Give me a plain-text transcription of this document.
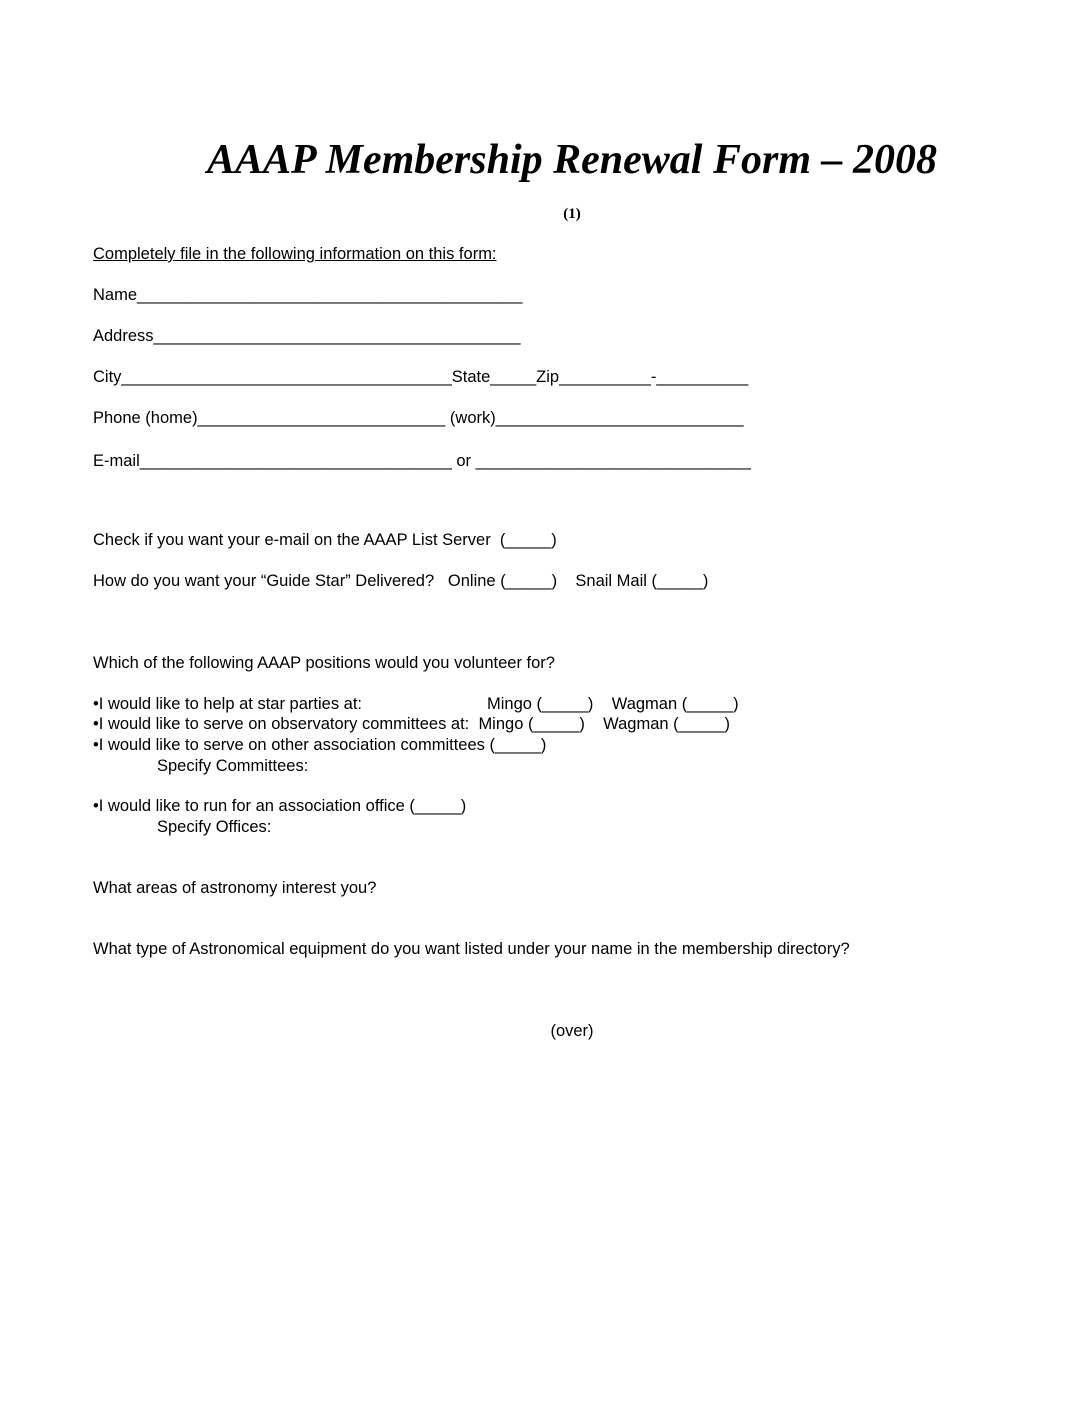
AAAP Membership Renewal Form – 2008
(1)
Completely file in the following information on this form:
Name__________________________________________
Address________________________________________
City____________________________________State_____Zip__________-__________
Phone (home)___________________________ (work)___________________________
E-mail__________________________________ or ______________________________
Check if you want your e-mail on the AAAP List Server  (_____)
How do you want your “Guide Star” Delivered?   Online (_____)    Snail Mail (_____)
Which of the following AAAP positions would you volunteer for?
•I would like to help at star parties at:	Mingo (_____)    Wagman (_____)
•I would like to serve on observatory committees at:  Mingo (_____)    Wagman (_____)
•I would like to serve on other association committees (_____)
Specify Committees:
•I would like to run for an association office (_____)
Specify Offices:
What areas of astronomy interest you?
What type of Astronomical equipment do you want listed under your name in the membership directory?
(over)
